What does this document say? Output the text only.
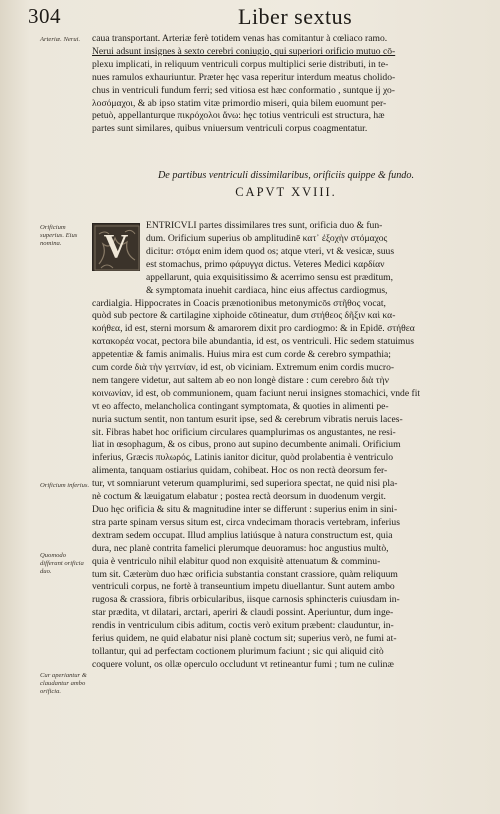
304	Liber sextus
Arteriæ. Nerui.
Orificium superius. Eius nomina.
Orificium inferius.
Quomodo differant orificia duo.
Cur aperiantur & claudantur ambo orificia.
caua transportant. Arteriæ ferè totidem venas has comitantur à cœliaco ramo.
Nerui adsunt insignes à sexto cerebri coniugio, qui superiori orificio mutuo cō-
plexu implicati, in reliquum ventriculi corpus multiplici serie distributi, in te-
nues ramulos exhauriuntur. Præter hęc vasa reperitur interdum meatus cholido-
chus in ventriculi fundum ferri; sed vitiosa est hæc conformatio , suntque ij χο-
λοσόμαχοι, & ab ipso statim vitæ primordio miseri, quia bilem euomunt per-
petuò, appellanturque πικρόχολοι ἄνω: hęc totius ventriculi est structura, hæ
partes sunt similares, quibus vniuersum ventriculi corpus coagmentatur.
De partibus ventriculi dissimilaribus, orificiis quippe & fundo.
CAPVT XVIII.
V
ENTRICVLI partes dissimilares tres sunt, orificia duo & fun-
dum. Orificium superius ob amplitudinē κατ᾽ ἐξοχὴν στόμαχος
dicitur: στόμα enim idem quod os; atque vteri, vt & vesicæ, suus
est stomachus, primo φάρυγγα dictus. Veteres Medici καρδίαν
appellarunt, quia exquisitissimo & acerrimo sensu est præditum,
& symptomata inuehit cardiaca, hinc eius affectus cardiogmus,
cardialgia. Hippocrates in Coacis prænotionibus metonymicōs στῆθος vocat,
quòd sub pectore & cartilagine xiphoide cōtineatur, dum στήθεος δῆξιν καὶ κα-
κοήθεα, id est, sterni morsum & amarorem dixit pro cardiogmo: & in Epidē. στήθεα
κατακορέα vocat, pectora bile abundantia, id est, os ventriculi. Hic sedem statuimus
appetentiæ & famis animalis. Huius mira est cum corde & cerebro sympathia;
cum corde διὰ τὴν γειτνίαν, id est, ob viciniam. Extremum enim cordis mucro-
nem tangere videtur, aut saltem ab eo non longè distare : cum cerebro διὰ τὴν
κοινωνίαν, id est, ob communionem, quam faciunt nerui insignes stomachici, vnde fit
vt eo affecto, melancholica contingant symptomata, & quoties in alimenti pe-
nuria suctum sentit, non tantum esurit ipse, sed & cerebrum vibratis neruis laces-
sit. Fibras habet hoc orificium circulares quamplurimas os angustantes, ne resi-
liat in œsophagum, & os cibus, prono aut supino decumbente animali. Orificium
inferius, Græcis πυλωρός, Latinis ianitor dicitur, quòd prolabentia è ventriculo
alimenta, tanquam ostiarius quidam, cohibeat. Hoc os non rectà deorsum fer-
tur, vt somniarunt veterum quamplurimi, sed superiora spectat, ne quid nisi pla-
nè coctum & læuigatum elabatur ; postea rectà deorsum in duodenum vergit.
Duo hęc orificia & situ & magnitudine inter se differunt : superius enim in sini-
stra parte spinam versus situm est, circa vndecimam thoracis vertebram, inferius
dextram sedem occupat. Illud amplius latiúsque à natura constructum est, quia
dura, nec planè contrita famelici plerumque deuoramus: hoc angustius multò,
quia è ventriculo nihil elabitur quod non exquisitè attenuatum & comminu-
tum sit. Cæterùm duo hæc orificia substantia constant crassiore, quàm reliquum
ventriculi corpus, ne fortè à transeuntium impetu diuellantur. Sunt autem ambo
rugosa & crassiora, fibris orbicularibus, iisque carnosis sphincteris cuiusdam in-
star prædita, vt dilatari, arctari, aperiri & claudi possint. Aperiuntur, dum inge-
rendis in ventriculum cibis aditum, coctis verò exitum præbent: clauduntur, in-
ferius quidem, ne quid elabatur nisi planè coctum sit; superius verò, ne fumi at-
tollantur, qui ad perfectam coctionem plurimum faciunt ; sic qui aliquid citò
coquere volunt, os ollæ operculo occludunt vt retineantur fumi ; tum ne culinæ
